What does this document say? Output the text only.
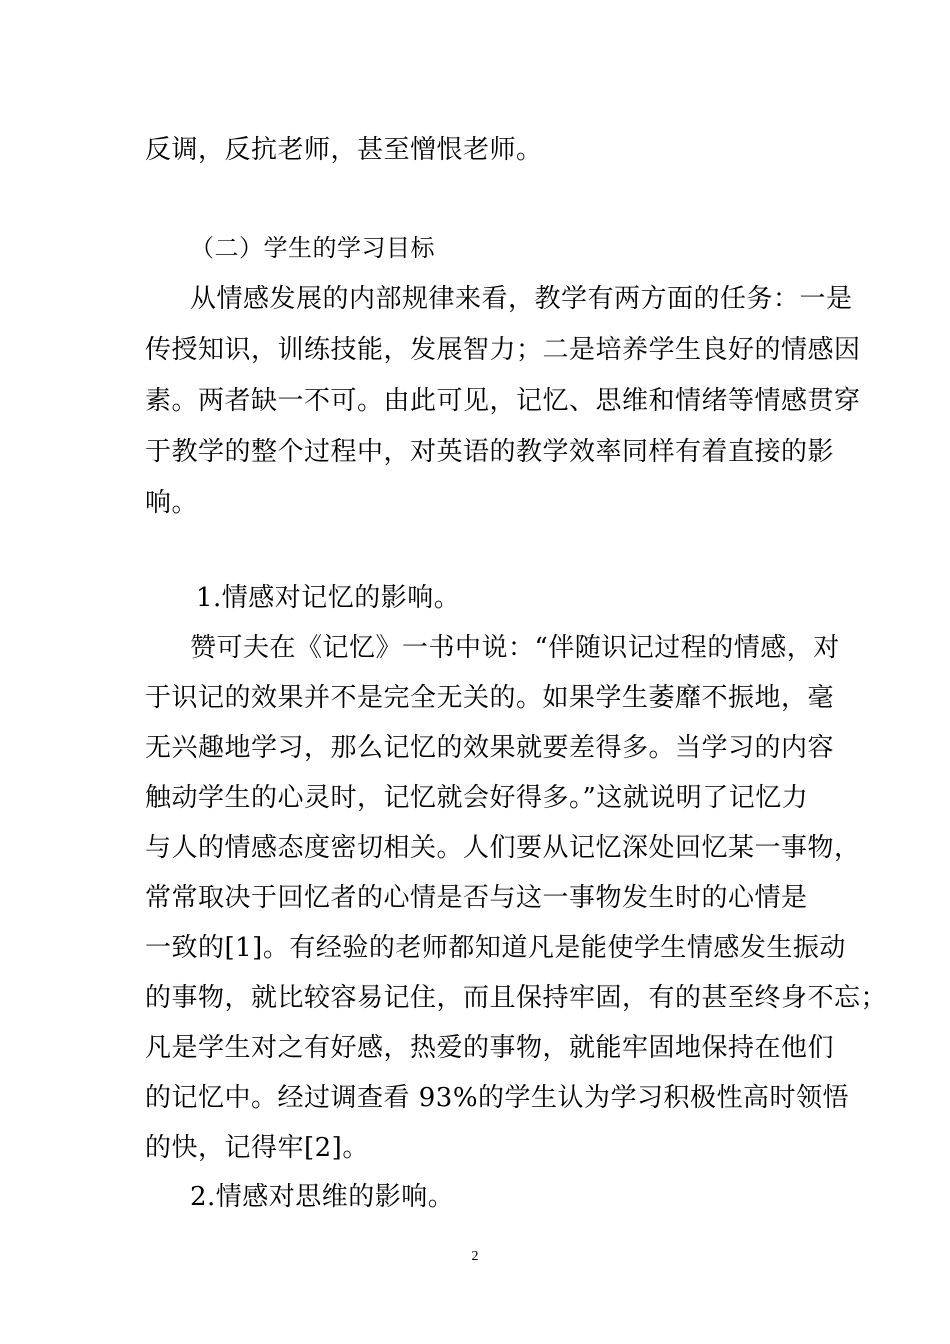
反调，反抗老师，甚至憎恨老师。
（二）学生的学习目标
从情感发展的内部规律来看，教学有两方面的任务：一是
传授知识，训练技能，发展智力；二是培养学生良好的情感因
素。两者缺一不可。由此可见，记忆、思维和情绪等情感贯穿
于教学的整个过程中，对英语的教学效率同样有着直接的影
响。
1.情感对记忆的影响。
赞可夫在《记忆》一书中说：“伴随识记过程的情感，对
于识记的效果并不是完全无关的。如果学生萎靡不振地，毫
无兴趣地学习，那么记忆的效果就要差得多。当学习的内容
触动学生的心灵时，记忆就会好得多。”这就说明了记忆力
与人的情感态度密切相关。人们要从记忆深处回忆某一事物，
常常取决于回忆者的心情是否与这一事物发生时的心情是
一致的[1]。有经验的老师都知道凡是能使学生情感发生振动
的事物，就比较容易记住，而且保持牢固，有的甚至终身不忘；
凡是学生对之有好感，热爱的事物，就能牢固地保持在他们
的记忆中。经过调查看 93%的学生认为学习积极性高时领悟
的快，记得牢[2]。
2.情感对思维的影响。
2
